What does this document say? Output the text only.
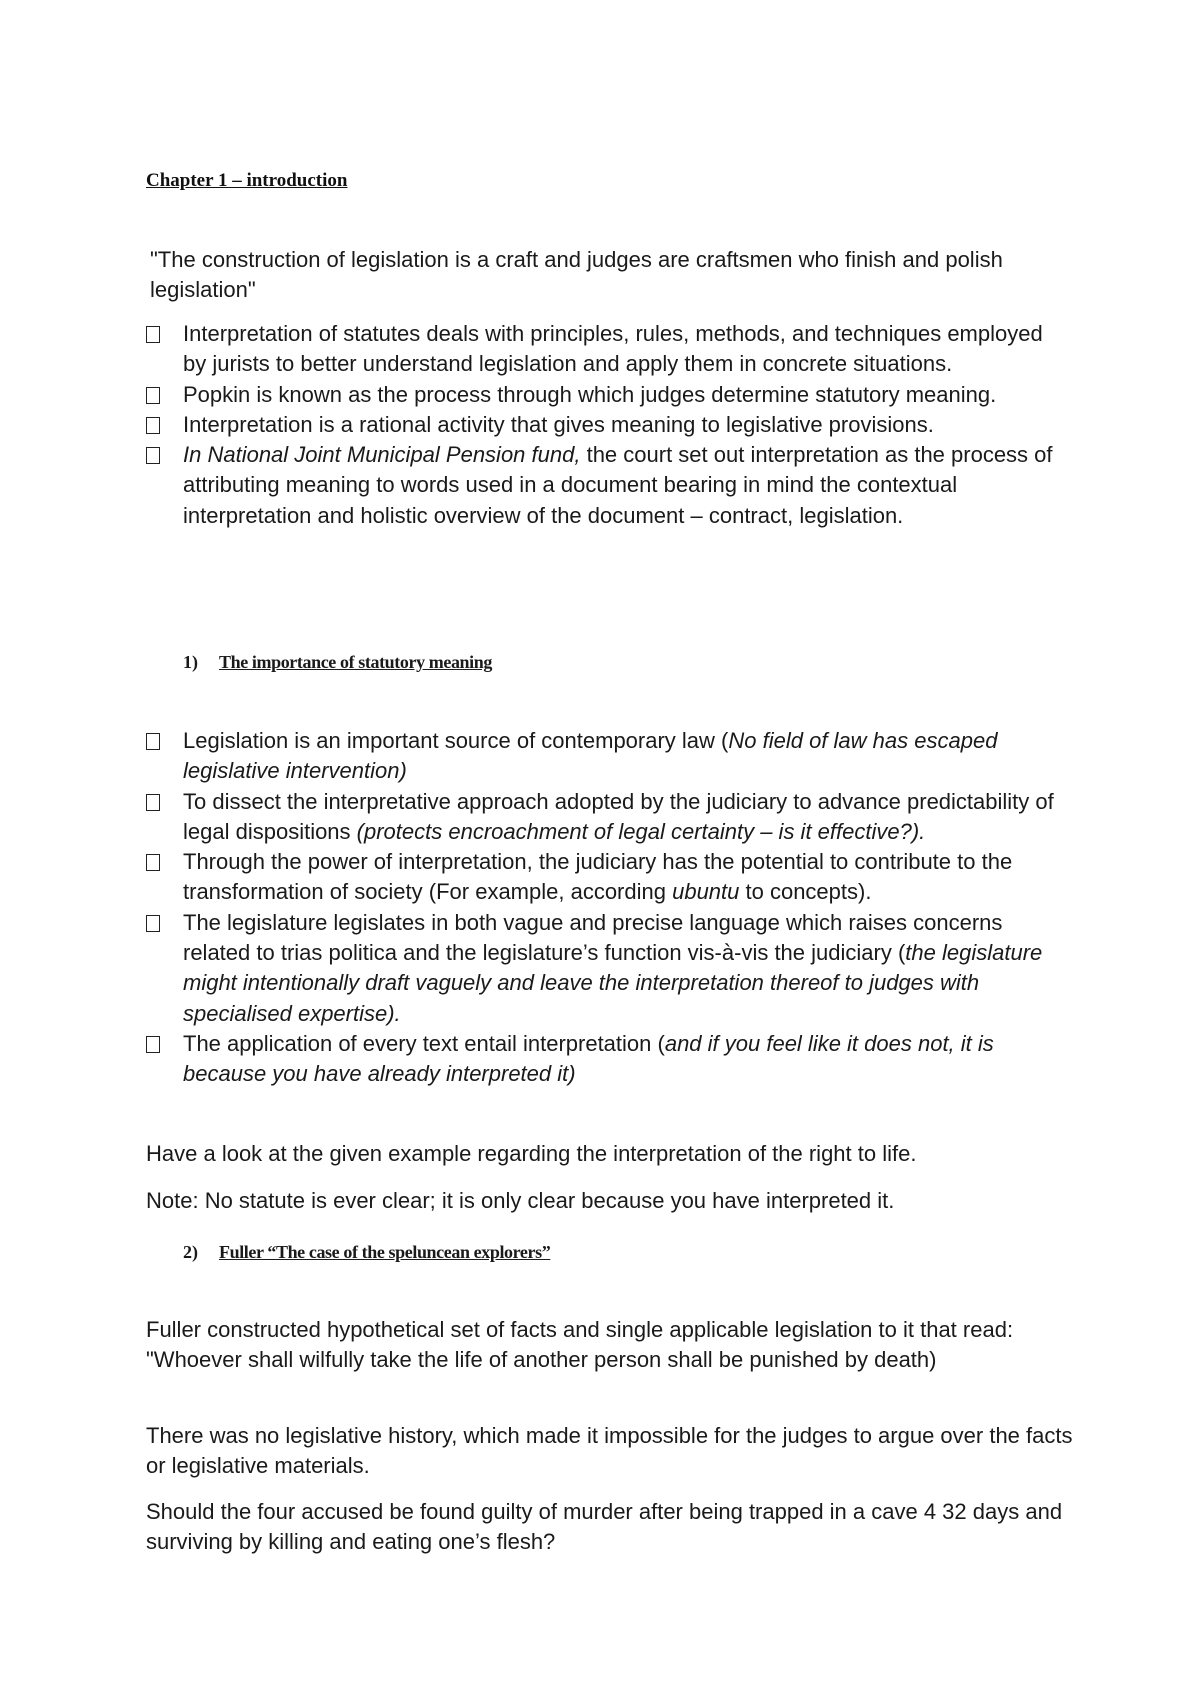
Chapter 1 – introduction

"The construction of legislation is a craft and judges are craftsmen who finish and polish legislation"

Interpretation of statutes deals with principles, rules, methods, and techniques employed by jurists to better understand legislation and apply them in concrete situations.
Popkin is known as the process through which judges determine statutory meaning.
Interpretation is a rational activity that gives meaning to legislative provisions.
In National Joint Municipal Pension fund, the court set out interpretation as the process of attributing meaning to words used in a document bearing in mind the contextual interpretation and holistic overview of the document – contract, legislation.
1)	The importance of statutory meaning
Legislation is an important source of contemporary law (No field of law has escaped legislative intervention)
To dissect the interpretative approach adopted by the judiciary to advance predictability of legal dispositions (protects encroachment of legal certainty – is it effective?).
Through the power of interpretation, the judiciary has the potential to contribute to the transformation of society (For example, according ubuntu to concepts).
The legislature legislates in both vague and precise language which raises concerns related to trias politica and the legislature’s function vis-à-vis the judiciary (the legislature might intentionally draft vaguely and leave the interpretation thereof to judges with specialised expertise).
The application of every text entail interpretation (and if you feel like it does not, it is because you have already interpreted it)

Have a look at the given example regarding the interpretation of the right to life.

Note: No statute is ever clear; it is only clear because you have interpreted it.

2)	Fuller “The case of the speluncean explorers”

Fuller constructed hypothetical set of facts and single applicable legislation to it that read: "Whoever shall wilfully take the life of another person shall be punished by death)

There was no legislative history, which made it impossible for the judges to argue over the facts or legislative materials.

Should the four accused be found guilty of murder after being trapped in a cave 4 32 days and surviving by killing and eating one’s flesh?
